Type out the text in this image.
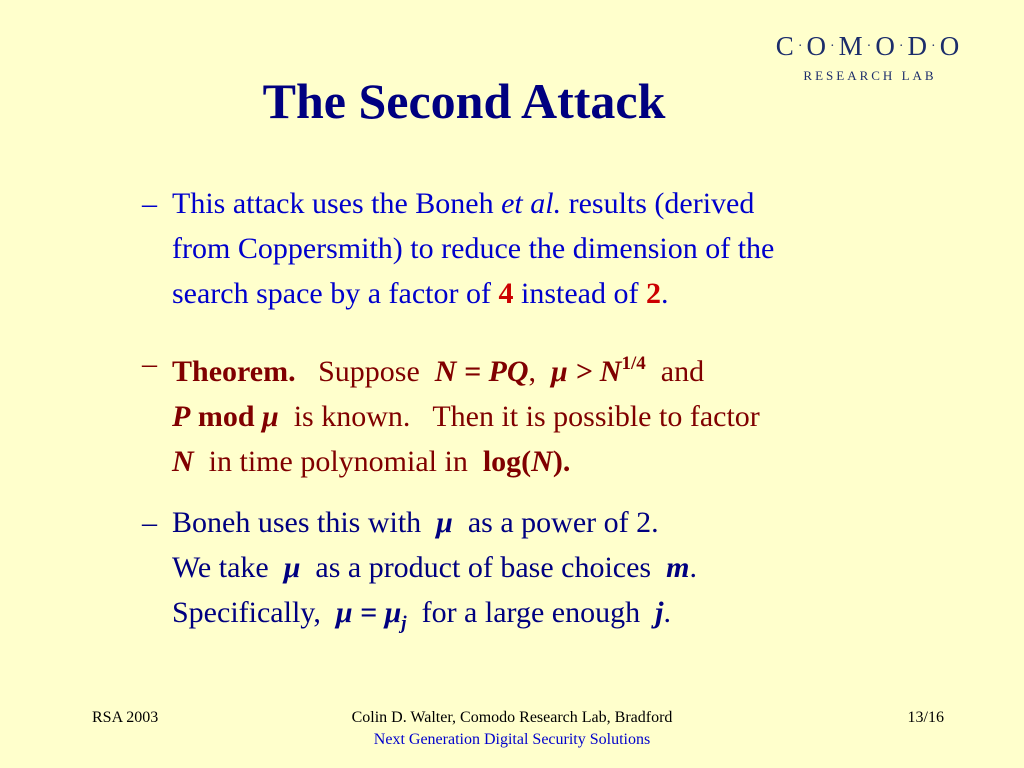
C · O · M · O · D · O
RESEARCH LAB
The Second Attack
– This attack uses the Boneh et al. results (derived
from Coppersmith) to reduce the dimension of the
search space by a factor of 4 instead of 2.
– Theorem.   Suppose  N = PQ,  $\mu > N^{1/4}$  and
P mod μ  is known.   Then it is possible to factor
N  in time polynomial in  log(N).
– Boneh uses this with  μ  as a power of 2.
We take  μ  as a product of base choices  m.
Specifically,  $\mu = \mu_j$  for a large enough  j.
RSA 2003	Colin D. Walter, Comodo Research Lab, Bradford
Next Generation Digital Security Solutions
13/16
